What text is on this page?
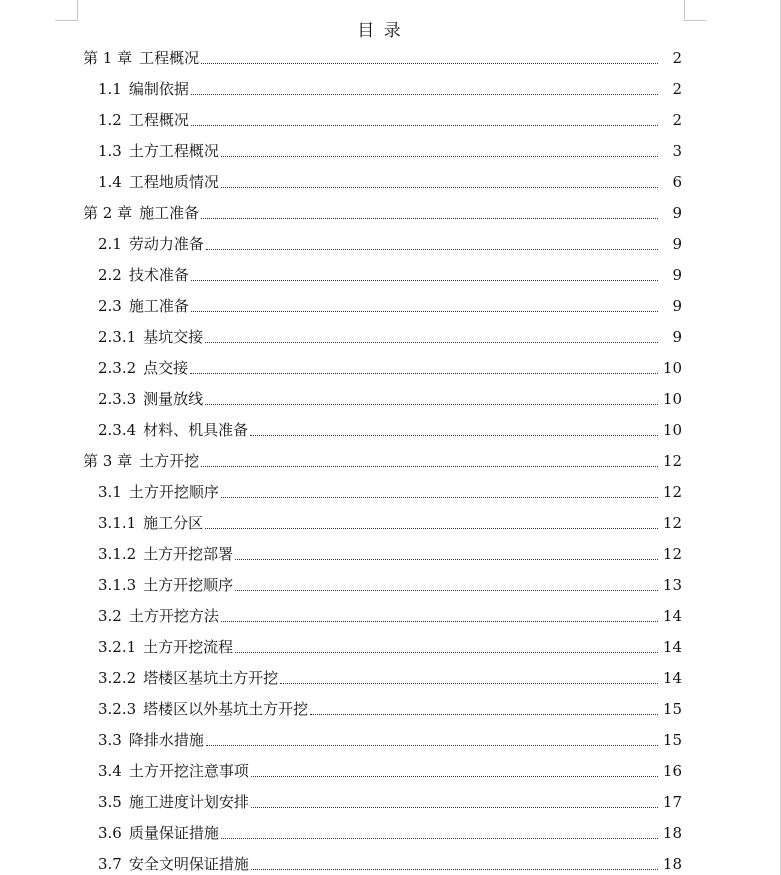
目 录
第 1 章 工程概况	2
1.1 编制依据	2
1.2 工程概况	2
1.3 土方工程概况	3
1.4 工程地质情况	6
第 2 章 施工准备	9
2.1 劳动力准备	9
2.2 技术准备	9
2.3 施工准备	9
2.3.1 基坑交接	9
2.3.2 点交接	10
2.3.3 测量放线	10
2.3.4 材料、机具准备	10
第 3 章 土方开挖	12
3.1 土方开挖顺序	12
3.1.1 施工分区	12
3.1.2 土方开挖部署	12
3.1.3 土方开挖顺序	13
3.2 土方开挖方法	14
3.2.1 土方开挖流程	14
3.2.2 塔楼区基坑土方开挖	14
3.2.3 塔楼区以外基坑土方开挖	15
3.3 降排水措施	15
3.4 土方开挖注意事项	16
3.5 施工进度计划安排	17
3.6 质量保证措施	18
3.7 安全文明保证措施	18
